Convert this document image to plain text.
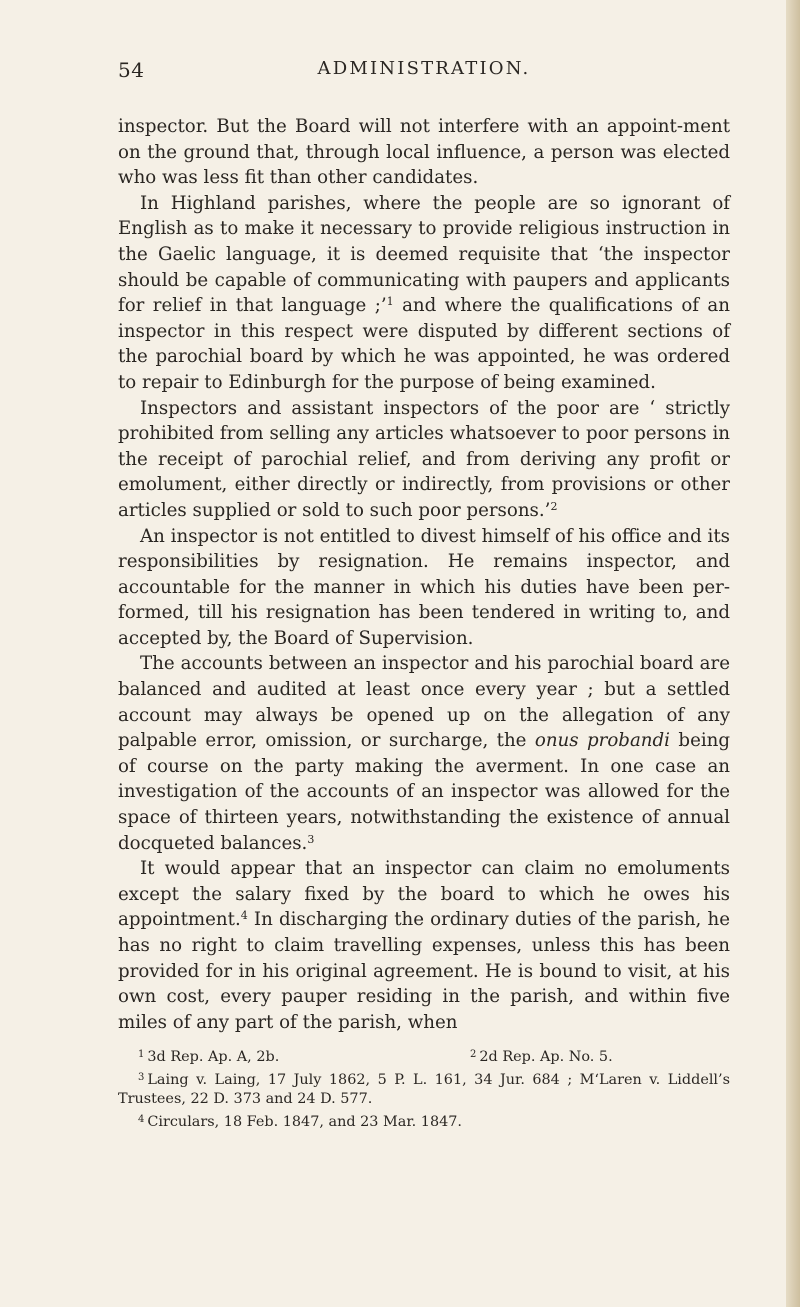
54	ADMINISTRATION.

inspector. But the Board will not interfere with an appoint-ment on the ground that, through local influence, a person was elected who was less fit than other candidates.

In Highland parishes, where the people are so ignorant of English as to make it necessary to provide religious instruction in the Gaelic language, it is deemed requisite that ‘the inspector should be capable of communicating with paupers and applicants for relief in that language ;’$^1$ and where the qualifications of an inspector in this respect were disputed by different sections of the parochial board by which he was appointed, he was ordered to repair to Edinburgh for the purpose of being examined.

Inspectors and assistant inspectors of the poor are ‘ strictly prohibited from selling any articles whatsoever to poor persons in the receipt of parochial relief, and from deriving any profit or emolument, either directly or indirectly, from provisions or other articles supplied or sold to such poor persons.’$^2$

An inspector is not entitled to divest himself of his office and its responsibilities by resignation. He remains inspector, and accountable for the manner in which his duties have been per-formed, till his resignation has been tendered in writing to, and accepted by, the Board of Supervision.

The accounts between an inspector and his parochial board are balanced and audited at least once every year ; but a settled account may always be opened up on the allegation of any palpable error, omission, or surcharge, the onus probandi being of course on the party making the averment. In one case an investigation of the accounts of an inspector was allowed for the space of thirteen years, notwithstanding the existence of annual docqueted balances.$^3$

It would appear that an inspector can claim no emoluments except the salary fixed by the board to which he owes his appointment.$^4$ In discharging the ordinary duties of the parish, he has no right to claim travelling expenses, unless this has been provided for in his original agreement. He is bound to visit, at his own cost, every pauper residing in the parish, and within five miles of any part of the parish, when

$^1$ 3d Rep. Ap. A, 2b.	$^2$ 2d Rep. Ap. No. 5.

$^3$ Laing v. Laing, 17 July 1862, 5 P. L. 161, 34 Jur. 684 ; M‘Laren v. Liddell’s Trustees, 22 D. 373 and 24 D. 577.

$^4$ Circulars, 18 Feb. 1847, and 23 Mar. 1847.
